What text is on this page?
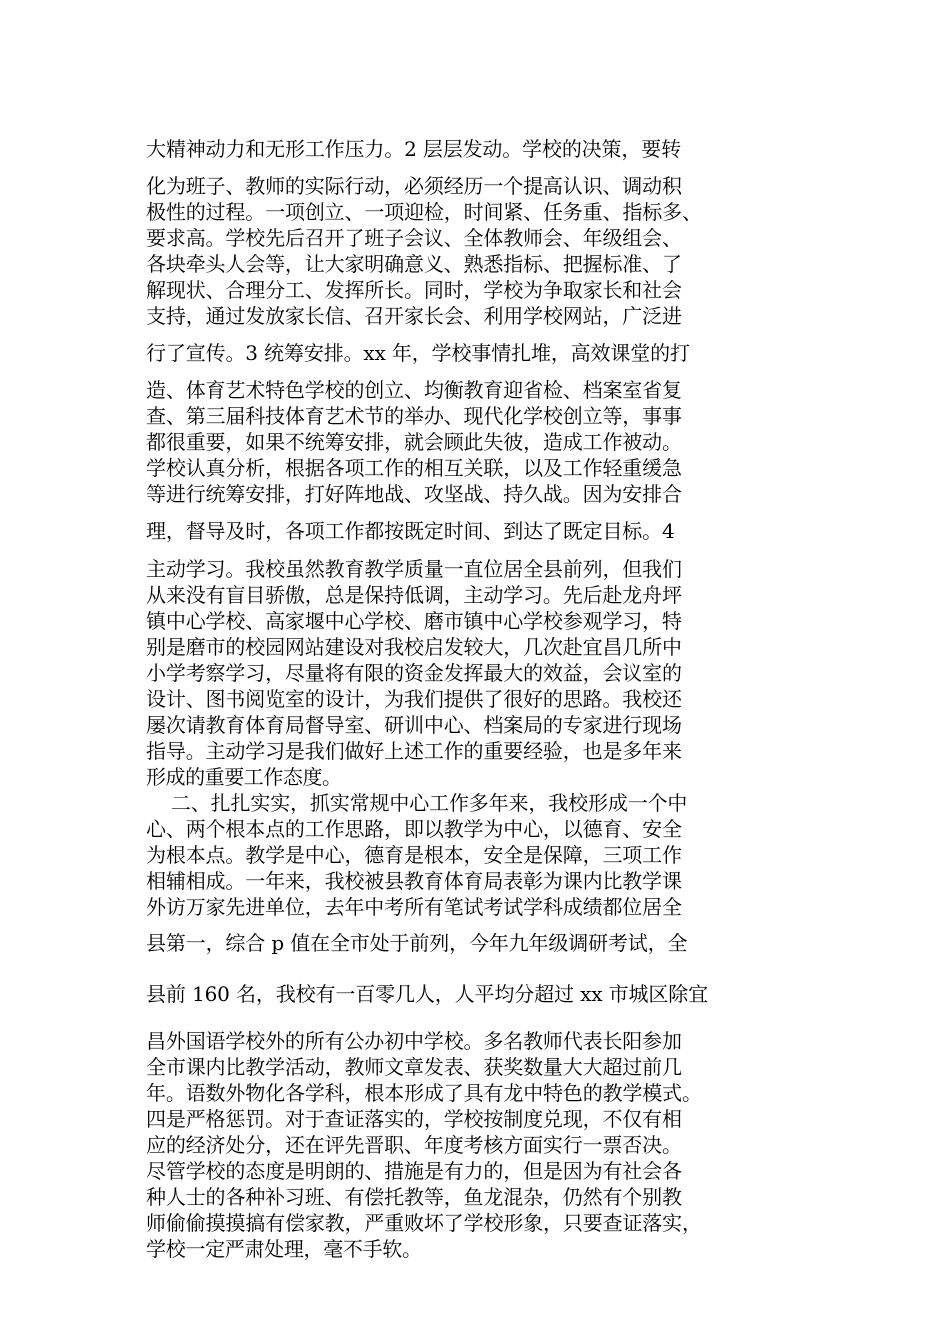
大精神动力和无形工作压力。2 层层发动。学校的决策，要转

化为班子、教师的实际行动，必须经历一个提高认识、调动积

极性的过程。一项创立、一项迎检，时间紧、任务重、指标多、

要求高。学校先后召开了班子会议、全体教师会、年级组会、

各块牵头人会等，让大家明确意义、熟悉指标、把握标准、了

解现状、合理分工、发挥所长。同时，学校为争取家长和社会

支持，通过发放家长信、召开家长会、利用学校网站，广泛进

行了宣传。3 统筹安排。xx 年，学校事情扎堆，高效课堂的打

造、体育艺术特色学校的创立、均衡教育迎省检、档案室省复

查、第三届科技体育艺术节的举办、现代化学校创立等，事事

都很重要，如果不统筹安排，就会顾此失彼，造成工作被动。

学校认真分析，根据各项工作的相互关联，以及工作轻重缓急

等进行统筹安排，打好阵地战、攻坚战、持久战。因为安排合

理，督导及时，各项工作都按既定时间、到达了既定目标。4

主动学习。我校虽然教育教学质量一直位居全县前列，但我们

从来没有盲目骄傲，总是保持低调，主动学习。先后赴龙舟坪

镇中心学校、高家堰中心学校、磨市镇中心学校参观学习，特

别是磨市的校园网站建设对我校启发较大，几次赴宜昌几所中

小学考察学习，尽量将有限的资金发挥最大的效益，会议室的

设计、图书阅览室的设计，为我们提供了很好的思路。我校还

屡次请教育体育局督导室、研训中心、档案局的专家进行现场

指导。主动学习是我们做好上述工作的重要经验，也是多年来

形成的重要工作态度。

二、扎扎实实，抓实常规中心工作多年来，我校形成一个中

心、两个根本点的工作思路，即以教学为中心，以德育、安全

为根本点。教学是中心，德育是根本，安全是保障，三项工作

相辅相成。一年来，我校被县教育体育局表彰为课内比教学课

外访万家先进单位，去年中考所有笔试考试学科成绩都位居全

县第一，综合 p 值在全市处于前列，今年九年级调研考试，全

县前 160 名，我校有一百零几人，人平均分超过 xx 市城区除宜

昌外国语学校外的所有公办初中学校。多名教师代表长阳参加

全市课内比教学活动，教师文章发表、获奖数量大大超过前几

年。语数外物化各学科，根本形成了具有龙中特色的教学模式。

四是严格惩罚。对于查证落实的，学校按制度兑现，不仅有相

应的经济处分，还在评先晋职、年度考核方面实行一票否决。

尽管学校的态度是明朗的、措施是有力的，但是因为有社会各

种人士的各种补习班、有偿托教等，鱼龙混杂，仍然有个别教

师偷偷摸摸搞有偿家教，严重败坏了学校形象，只要查证落实，

学校一定严肃处理，毫不手软。
